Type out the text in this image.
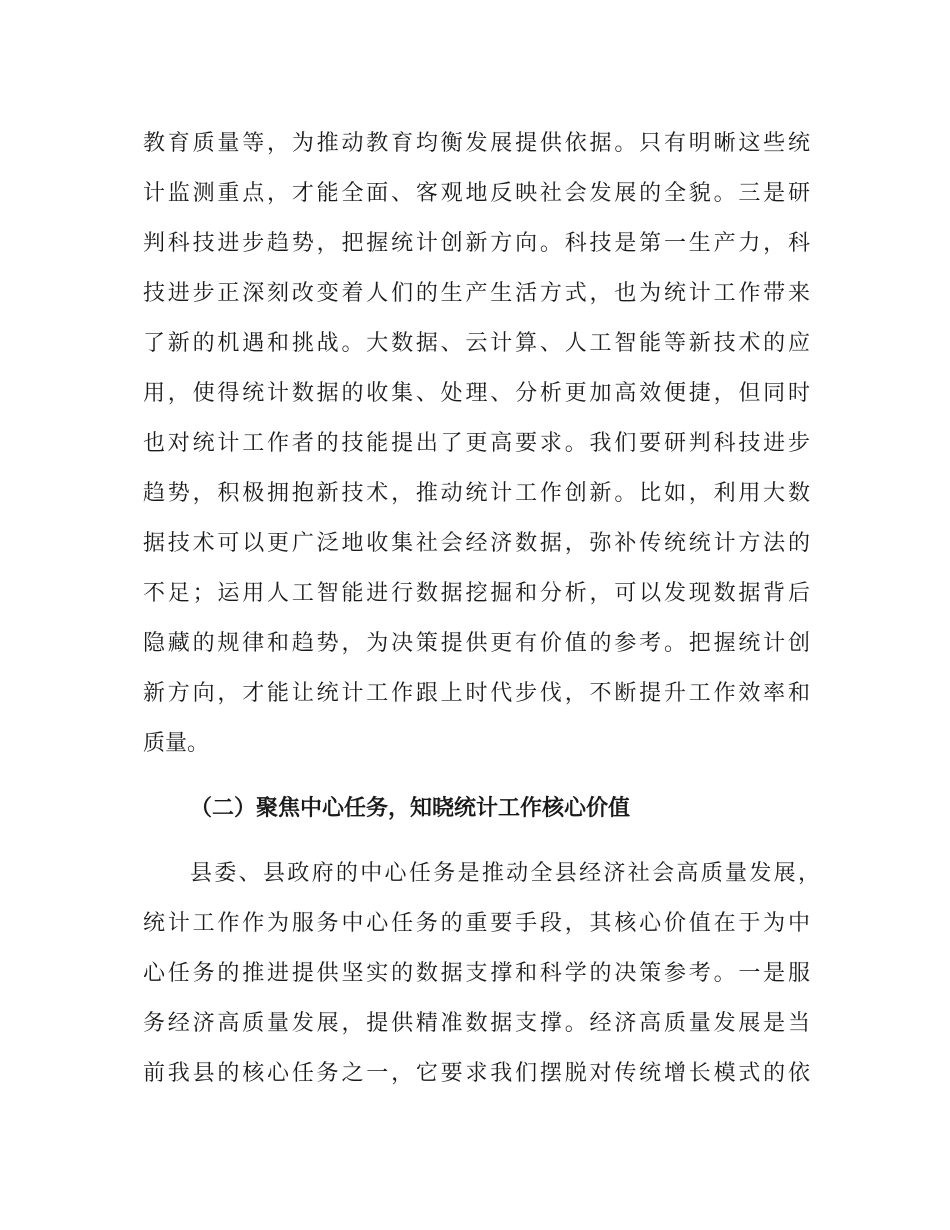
教育质量等，为推动教育均衡发展提供依据。只有明晰这些统
计监测重点，才能全面、客观地反映社会发展的全貌。三是研
判科技进步趋势，把握统计创新方向。科技是第一生产力，科
技进步正深刻改变着人们的生产生活方式，也为统计工作带来
了新的机遇和挑战。大数据、云计算、人工智能等新技术的应
用，使得统计数据的收集、处理、分析更加高效便捷，但同时
也对统计工作者的技能提出了更高要求。我们要研判科技进步
趋势，积极拥抱新技术，推动统计工作创新。比如，利用大数
据技术可以更广泛地收集社会经济数据，弥补传统统计方法的
不足；运用人工智能进行数据挖掘和分析，可以发现数据背后
隐藏的规律和趋势，为决策提供更有价值的参考。把握统计创
新方向，才能让统计工作跟上时代步伐，不断提升工作效率和
质量。
（二）聚焦中心任务，知晓统计工作核心价值
县委、县政府的中心任务是推动全县经济社会高质量发展，
统计工作作为服务中心任务的重要手段，其核心价值在于为中
心任务的推进提供坚实的数据支撑和科学的决策参考。一是服
务经济高质量发展，提供精准数据支撑。经济高质量发展是当
前我县的核心任务之一，它要求我们摆脱对传统增长模式的依
